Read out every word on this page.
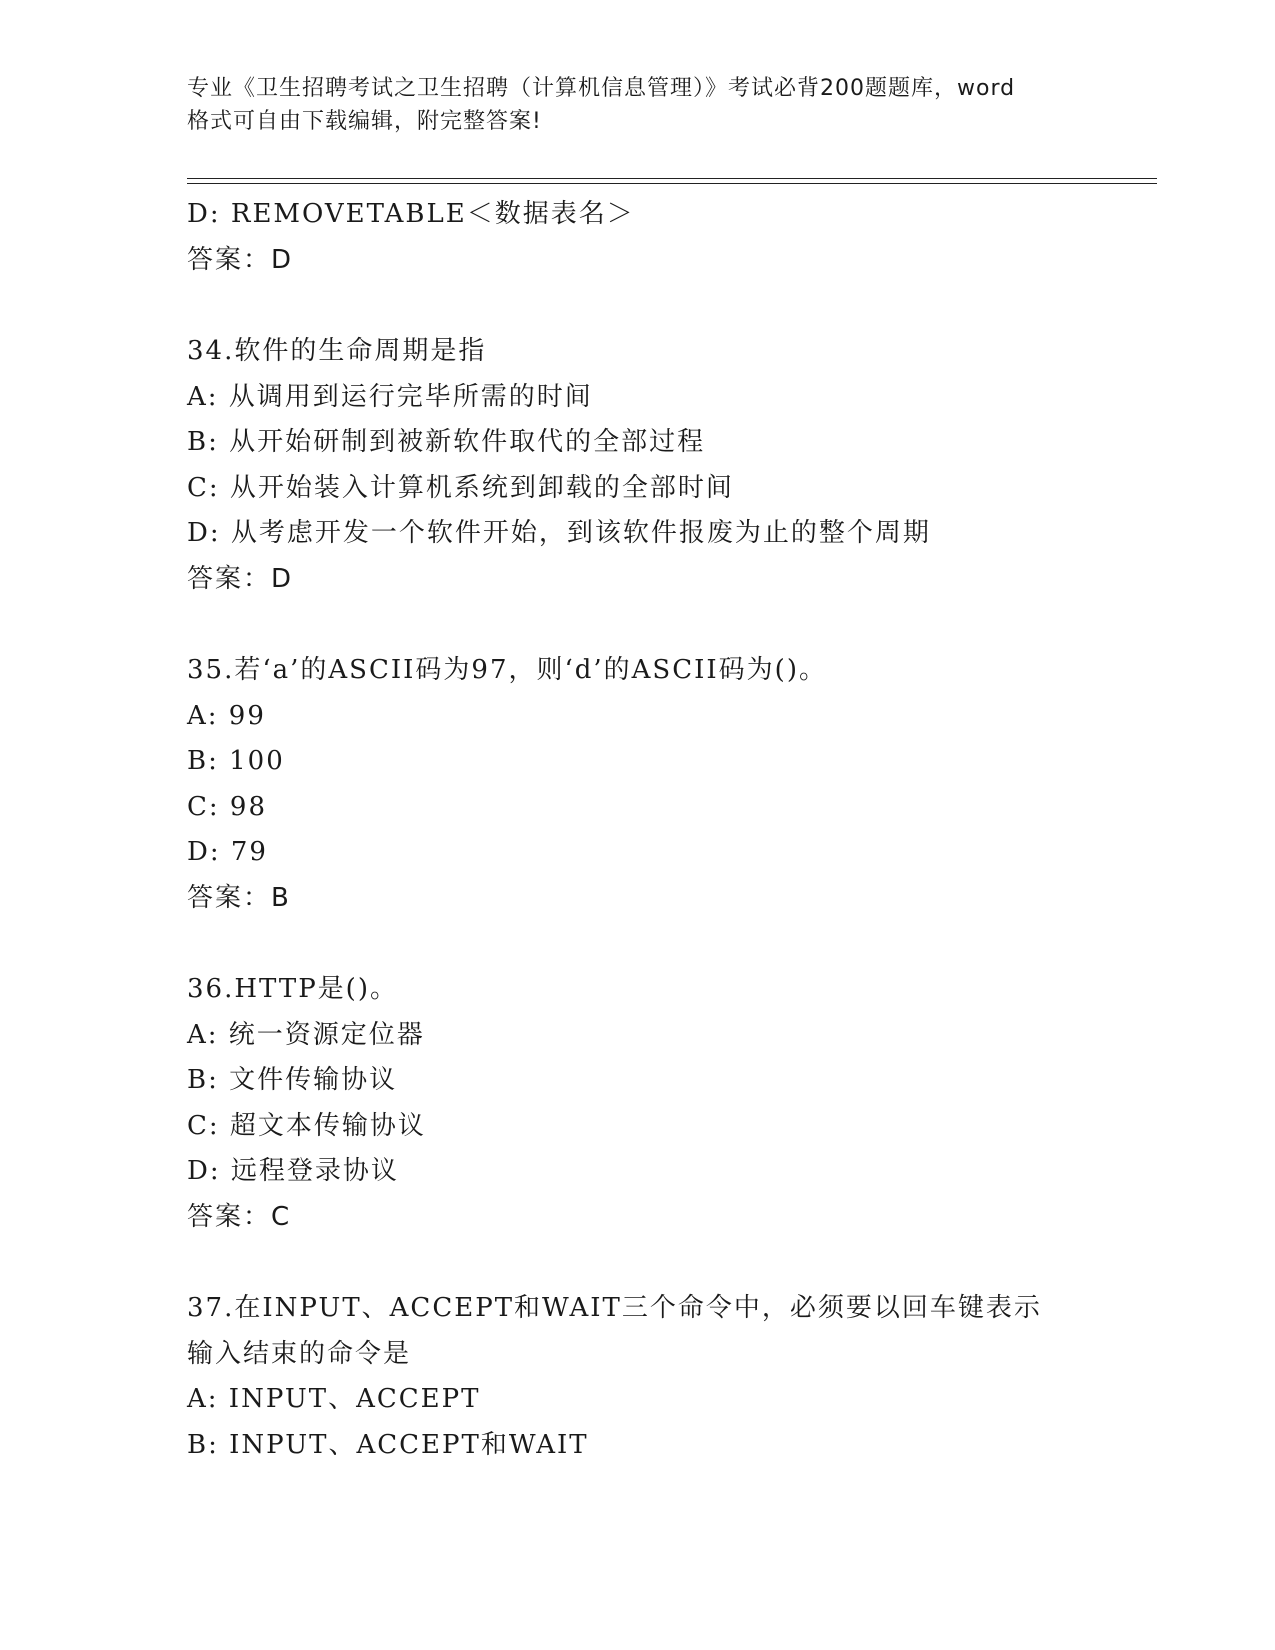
专业《卫生招聘考试之卫生招聘（计算机信息管理）》考试必背200题题库，word
格式可自由下载编辑，附完整答案!
D: REMOVETABLE＜数据表名＞
答案：D
34.软件的生命周期是指
A: 从调用到运行完毕所需的时间
B: 从开始研制到被新软件取代的全部过程
C: 从开始装入计算机系统到卸载的全部时间
D: 从考虑开发一个软件开始，到该软件报废为止的整个周期
答案：D
35.若‘a’的ASCII码为97，则‘d’的ASCII码为()。
A: 99
B: 100
C: 98
D: 79
答案：B
36.HTTP是()。
A: 统一资源定位器
B: 文件传输协议
C: 超文本传输协议
D: 远程登录协议
答案：C
37.在INPUT、ACCEPT和WAIT三个命令中，必须要以回车键表示输入结束的命令是
A: INPUT、ACCEPT
B: INPUT、ACCEPT和WAIT
